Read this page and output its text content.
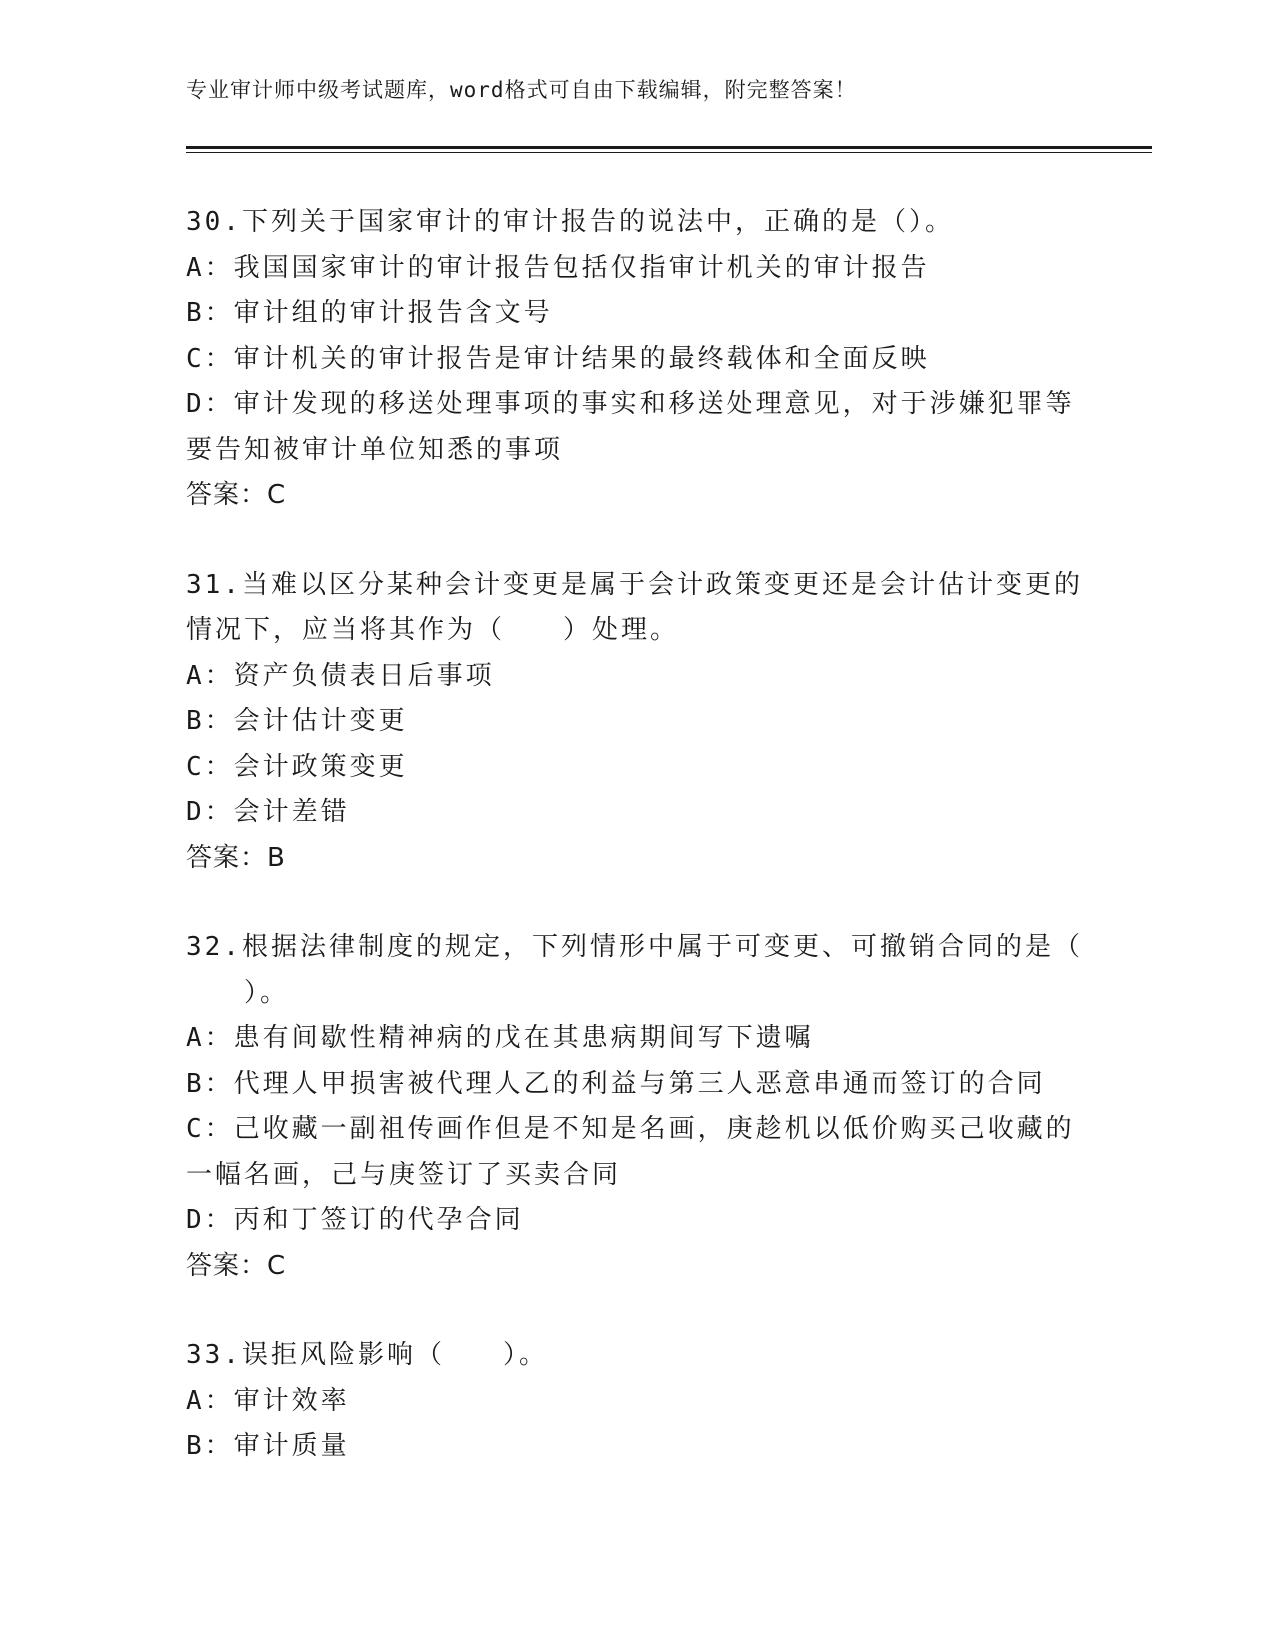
专业审计师中级考试题库，word格式可自由下载编辑，附完整答案！
30.下列关于国家审计的审计报告的说法中，正确的是（）。
A：我国国家审计的审计报告包括仅指审计机关的审计报告
B：审计组的审计报告含文号
C：审计机关的审计报告是审计结果的最终载体和全面反映
D：审计发现的移送处理事项的事实和移送处理意见，对于涉嫌犯罪等
要告知被审计单位知悉的事项
答案：C
31.当难以区分某种会计变更是属于会计政策变更还是会计估计变更的
情况下，应当将其作为（　　）处理。
A：资产负债表日后事项
B：会计估计变更
C：会计政策变更
D：会计差错
答案：B
32.根据法律制度的规定，下列情形中属于可变更、可撤销合同的是（
　　）。
A：患有间歇性精神病的戊在其患病期间写下遗嘱
B：代理人甲损害被代理人乙的利益与第三人恶意串通而签订的合同
C：己收藏一副祖传画作但是不知是名画，庚趁机以低价购买己收藏的
一幅名画，己与庚签订了买卖合同
D：丙和丁签订的代孕合同
答案：C
33.误拒风险影响（　　）。
A：审计效率
B：审计质量
